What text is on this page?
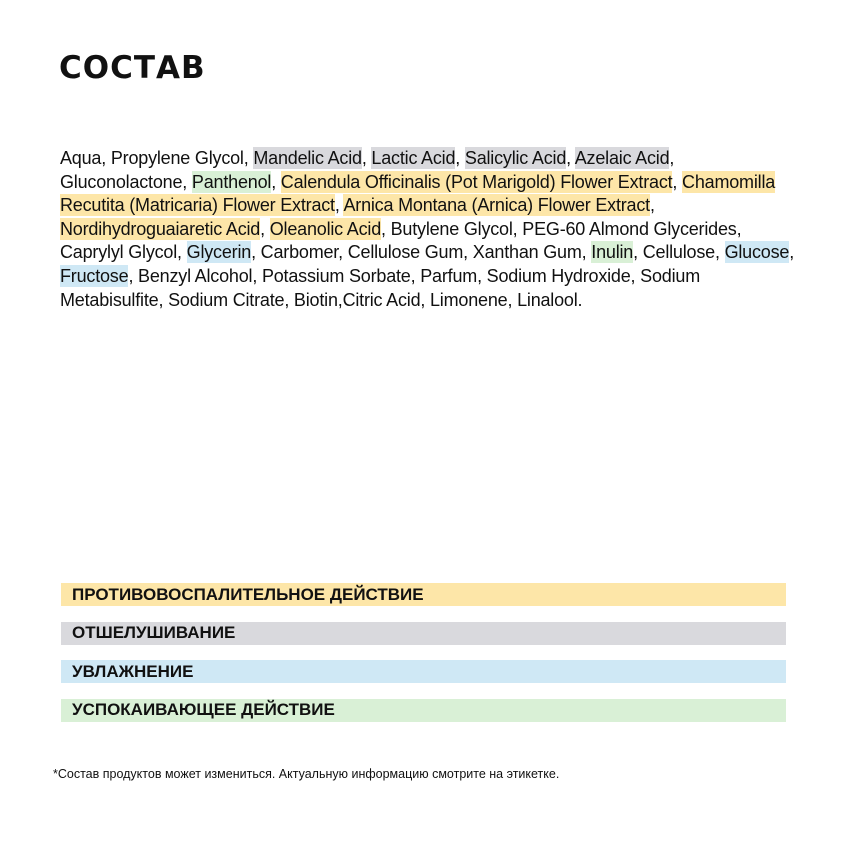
СОСТАВ

Aqua, Propylene Glycol, Mandelic Acid, Lactic Acid, Salicylic Acid, Azelaic Acid, Gluconolactone, Panthenol, Calendula Officinalis (Pot Marigold) Flower Extract, Chamomilla Recutita (Matricaria) Flower Extract, Arnica Montana (Arnica) Flower Extract, Nordihydroguaiaretic Acid, Oleanolic Acid, Butylene Glycol, PEG-60 Almond Glycerides, Caprylyl Glycol, Glycerin, Carbomer, Cellulose Gum, Xanthan Gum, Inulin, Cellulose, Glucose, Fructose, Benzyl Alcohol, Potassium Sorbate, Parfum, Sodium Hydroxide, Sodium Metabisulfite, Sodium Citrate, Biotin,Citric Acid, Limonene, Linalool.

ПРОТИВОВОСПАЛИТЕЛЬНОЕ ДЕЙСТВИЕ
ОТШЕЛУШИВАНИЕ
УВЛАЖНЕНИЕ
УСПОКАИВАЮЩЕЕ ДЕЙСТВИЕ

*Состав продуктов может измениться. Актуальную информацию смотрите на этикетке.
